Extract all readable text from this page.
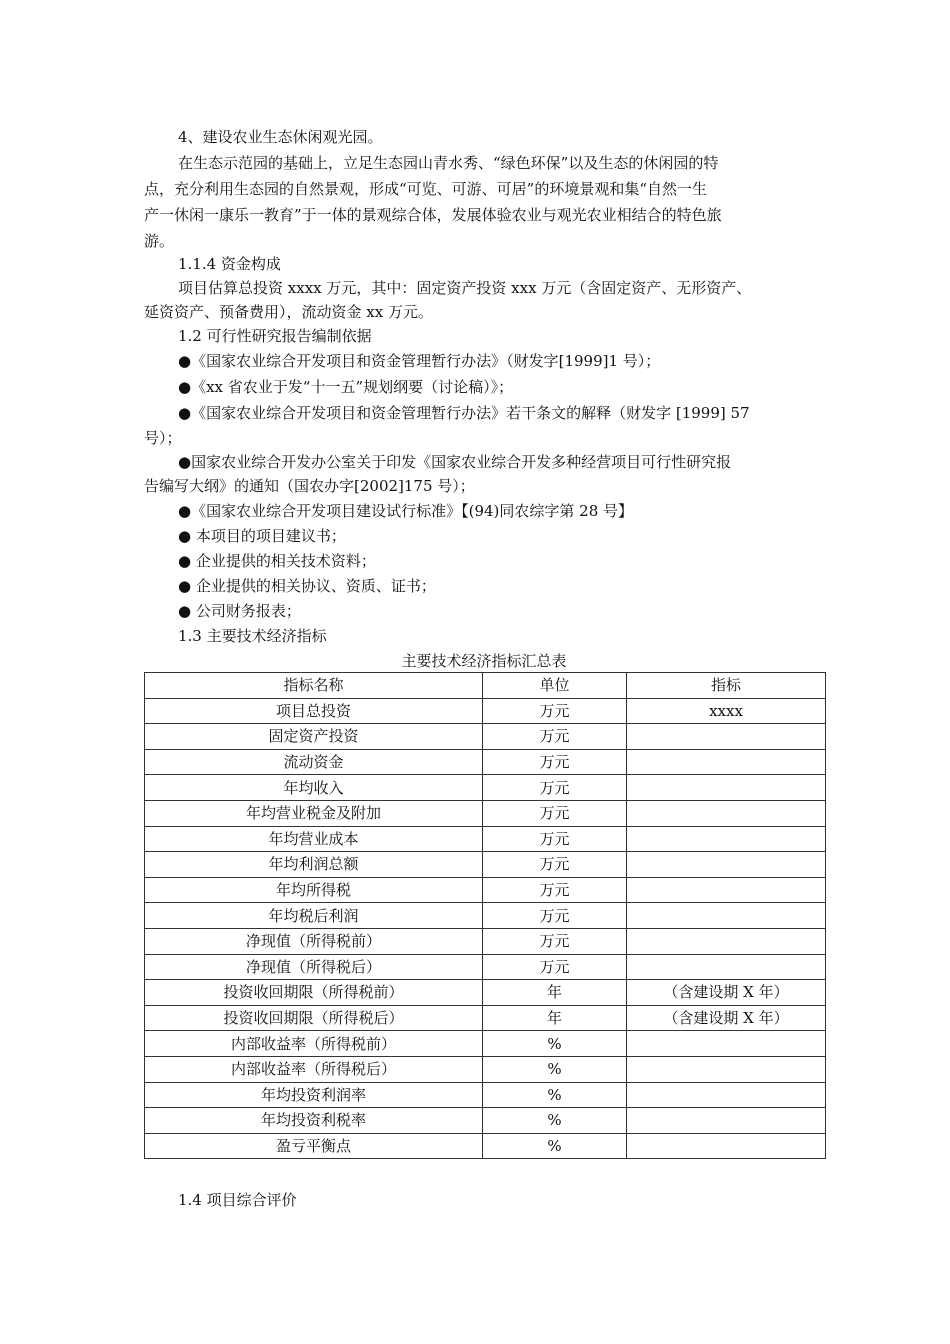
4、建设农业生态休闲观光园。
在生态示范园的基础上，立足生态园山青水秀、“绿色环保”以及生态的休闲园的特
点，充分利用生态园的自然景观，形成“可览、可游、可居”的环境景观和集“自然一生
产一休闲一康乐一教育”于一体的景观综合体，发展体验农业与观光农业相结合的特色旅
游。
1.1.4 资金构成
项目估算总投资 xxxx 万元，其中：固定资产投资 xxx 万元（含固定资产、无形资产、
延资资产、预备费用），流动资金 xx 万元。
1.2 可行性研究报告编制依据
●《国家农业综合开发项目和资金管理暂行办法》（财发字[1999]1 号）；
●《xx 省农业于发“十一五”规划纲要（讨论稿）》；
●《国家农业综合开发项目和资金管理暂行办法》若干条文的解释（财发字 [1999] 57
号）；
●国家农业综合开发办公室关于印发《国家农业综合开发多种经营项目可行性研究报
告编写大纲》的通知（国农办字[2002]175 号）；
●《国家农业综合开发项目建设试行标准》【(94)同农综字第 28 号】
● 本项目的项目建议书；
● 企业提供的相关技术资料；
● 企业提供的相关协议、资质、证书；
● 公司财务报表；
1.3 主要技术经济指标
主要技术经济指标汇总表
指标名称	单位	指标
项目总投资	万元	xxxx
固定资产投资	万元	
流动资金	万元	
年均收入	万元	
年均营业税金及附加	万元	
年均营业成本	万元	
年均利润总额	万元	
年均所得税	万元	
年均税后利润	万元	
净现值（所得税前）	万元	
净现值（所得税后）	万元	
投资收回期限（所得税前）	年	（含建设期 X 年）
投资收回期限（所得税后）	年	（含建设期 X 年）
内部收益率（所得税前）	%	
内部收益率（所得税后）	%	
年均投资利润率	%	
年均投资利税率	%	
盈亏平衡点	%	
1.4 项目综合评价
